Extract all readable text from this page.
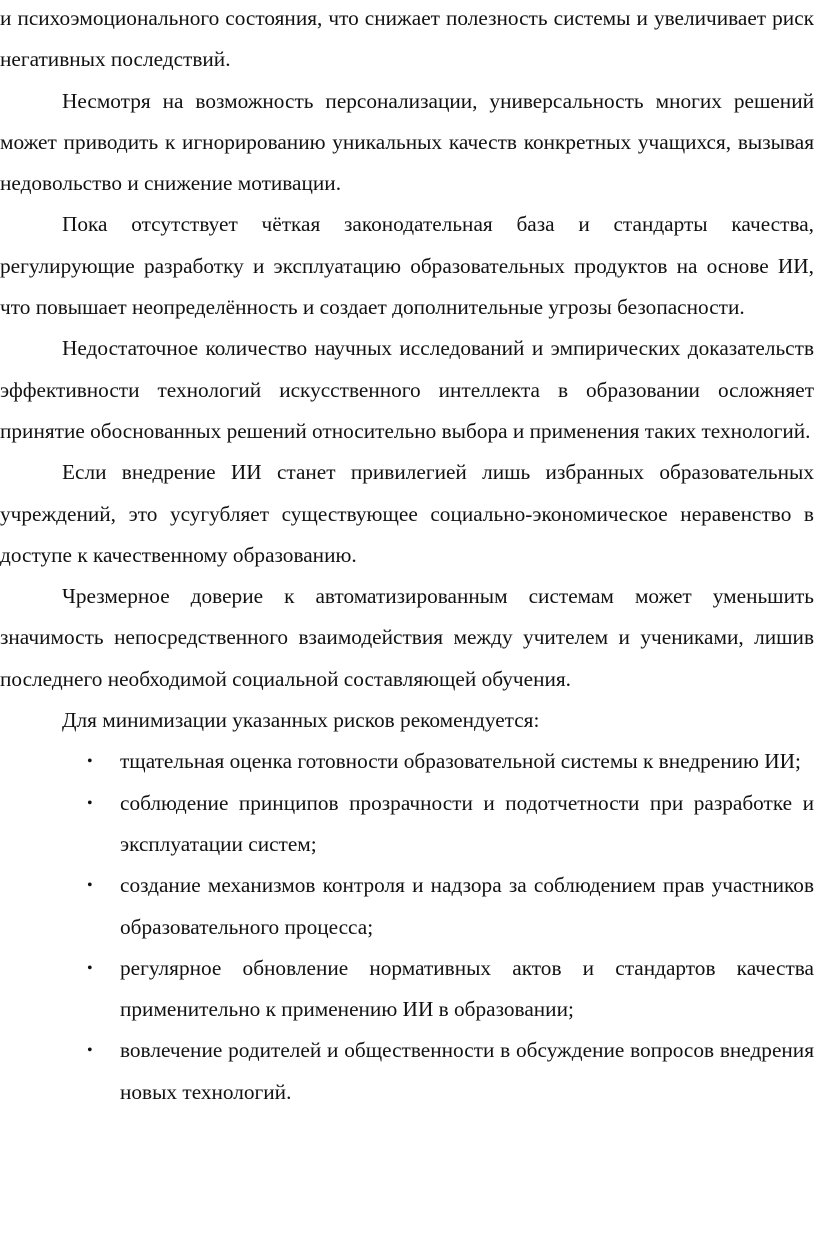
и психоэмоционального состояния, что снижает полезность системы и увеличивает риск негативных последствий.

Несмотря на возможность персонализации, универсальность многих решений может приводить к игнорированию уникальных качеств конкретных учащихся, вызывая недовольство и снижение мотивации.

Пока отсутствует чёткая законодательная база и стандарты качества, регулирующие разработку и эксплуатацию образовательных продуктов на основе ИИ, что повышает неопределённость и создает дополнительные угрозы безопасности.

Недостаточное количество научных исследований и эмпирических доказательств эффективности технологий искусственного интеллекта в образовании осложняет принятие обоснованных решений относительно выбора и применения таких технологий.

Если внедрение ИИ станет привилегией лишь избранных образовательных учреждений, это усугубляет существующее социально-экономическое неравенство в доступе к качественному образованию.

Чрезмерное доверие к автоматизированным системам может уменьшить значимость непосредственного взаимодействия между учителем и учениками, лишив последнего необходимой социальной составляющей обучения.

Для минимизации указанных рисков рекомендуется:

• тщательная оценка готовности образовательной системы к внедрению ИИ;
• соблюдение принципов прозрачности и подотчетности при разработке и эксплуатации систем;
• создание механизмов контроля и надзора за соблюдением прав участников образовательного процесса;
• регулярное обновление нормативных актов и стандартов качества применительно к применению ИИ в образовании;
• вовлечение родителей и общественности в обсуждение вопросов внедрения новых технологий.
